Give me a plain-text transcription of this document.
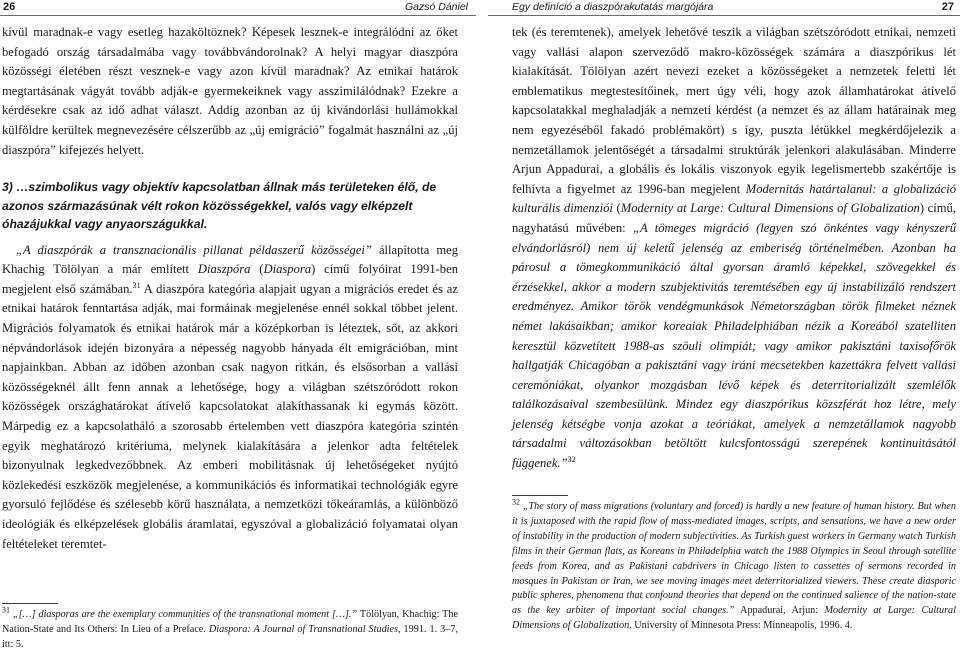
26	Gazsó Dániel

kívül maradnak-e vagy esetleg hazaköltöznek? Képesek lesznek-e integrálódni az őket befogadó ország társadalmába vagy továbbvándorolnak? A helyi magyar diaszpóra közösségi életében részt vesznek-e vagy azon kívül maradnak? Az etnikai határok megtartásának vágyát tovább adják-e gyermekeiknek vagy asszimilálódnak? Ezekre a kérdésekre csak az idő adhat választ. Addig azonban az új kivándorlási hullámokkal külföldre kerültek megnevezésére célszerűbb az „új emigráció” fogalmát használni az „új diaszpóra” kifejezés helyett.

3) …szimbolikus vagy objektív kapcsolatban állnak más területeken élő, de azonos származásúnak vélt rokon közösségekkel, valós vagy elképzelt óhazájukkal vagy anyaországukkal.

„A diaszpórák a transznacionális pillanat példaszerű közösségei” állapította meg Khachig Tölölyan a már említett Diaszpóra (Diaspora) című folyóirat 1991-ben megjelent első számában.$^{31}$ A diaszpóra kategória alapjait ugyan a migrációs eredet és az etnikai határok fenntartása adják, mai formáinak megjelenése ennél sokkal többet jelent. Migrációs folyamatok és etnikai határok már a középkorban is léteztek, sőt, az akkori népvándorlások idején bizonyára a népesség nagyobb hányada élt emigrációban, mint napjainkban. Abban az időben azonban csak nagyon ritkán, és elsősorban a vallási közösségeknél állt fenn annak a lehetősége, hogy a világban szétszóródott rokon közösségek országhatárokat átívelő kapcsolatokat alakíthassanak ki egymás között. Márpedig ez a kapcsolatháló a szorosabb értelemben vett diaszpóra kategória szintén egyik meghatározó kritériuma, melynek kialakítására a jelenkor adta feltételek bizonyulnak legkedvezőbbnek. Az emberi mobilitásnak új lehetőségeket nyújtó közlekedési eszközök megjelenése, a kommunikációs és informatikai technológiák egyre gyorsuló fejlődése és szélesebb körű használata, a nemzetközi tőkeáramlás, a különböző ideológiák és elképzelések globális áramlatai, egyszóval a globalizáció folyamatai olyan feltételeket teremtet-

$^{31}$ „[…] diasporas are the exemplary communities of the transnational moment […].” Tölölyan, Khachig: The Nation-State and Its Others: In Lieu of a Preface. Diaspora: A Journal of Transnational Studies, 1991. 1. 3–7, itt: 5.
Egy definíció a diaszpórakutatás margójára	27

tek (és teremtenek), amelyek lehetővé teszik a világban szétszóródott etnikai, nemzeti vagy vallási alapon szerveződő makro-közösségek számára a diaszpórikus lét kialakítását. Tölölyan azért nevezi ezeket a közösségeket a nemzetek feletti lét emblematikus megtestesítőinek, mert úgy véli, hogy azok államhatárokat átívelő kapcsolatakkal meghaladják a nemzeti kérdést (a nemzet és az állam határainak meg nem egyezéséből fakadó problémakört) s így, puszta létükkel megkérdőjelezik a nemzetállamok jelentőségét a társadalmi struktúrák jelenkori alakulásában. Minderre Arjun Appadurai, a globális és lokális viszonyok egyik legelismertebb szakértője is felhívta a figyelmet az 1996-ban megjelent Modernitás határtalanul: a globalizáció kulturális dimenziói (Modernity at Large: Cultural Dimensions of Globalization) című, nagyhatású művében: „A tömeges migráció (legyen szó önkéntes vagy kényszerű elvándorlásról) nem új keletű jelenség az emberiség történelmében. Azonban ha párosul a tömegkommunikáció által gyorsan áramló képekkel, szövegekkel és érzésekkel, akkor a modern szubjektivitás teremtésében egy új instabilizáló rendszert eredményez. Amikor török vendégmunkások Németországban török filmeket néznek német lakásaikban; amikor koreaiak Philadelphiában nézik a Koreából szatelliten keresztül közvetített 1988-as szöuli olimpiát; vagy amikor pakisztáni taxisofőrök hallgatják Chicagóban a pakisztáni vagy iráni mecsetekben kazettákra felvett vallási ceremóniákat, olyankor mozgásban lévő képek és deterritorializált szemlélők találkozásaival szembesülünk. Mindez egy diaszpórikus közszférát hoz létre, mely jelenség kétségbe vonja azokat a teóriákat, amelyek a nemzetállamok nagyobb társadalmi változásokban betöltött kulcsfontosságú szerepének kontinuitásától függenek.”$^{32}$

$^{32}$ „The story of mass migrations (voluntary and forced) is hardly a new feature of human history. But when it is juxtaposed with the rapid flow of mass-mediated images, scripts, and sensations, we have a new order of instability in the production of modern subjectivities. As Turkish guest workers in Germany watch Turkish films in their German flats, as Koreans in Philadelphia watch the 1988 Olympics in Seoul through satellite feeds from Korea, and as Pakistani cabdrivers in Chicago listen to cassettes of sermons recorded in mosques in Pakistan or Iran, we see moving images meet deterritorialized viewers. These create diasporic public spheres, phenomena that confound theories that depend on the continued salience of the nation-state as the key arbiter of important social changes.” Appadurai, Arjun: Modernity at Large: Cultural Dimensions of Globalization. University of Minnesota Press: Minneapolis, 1996. 4.
